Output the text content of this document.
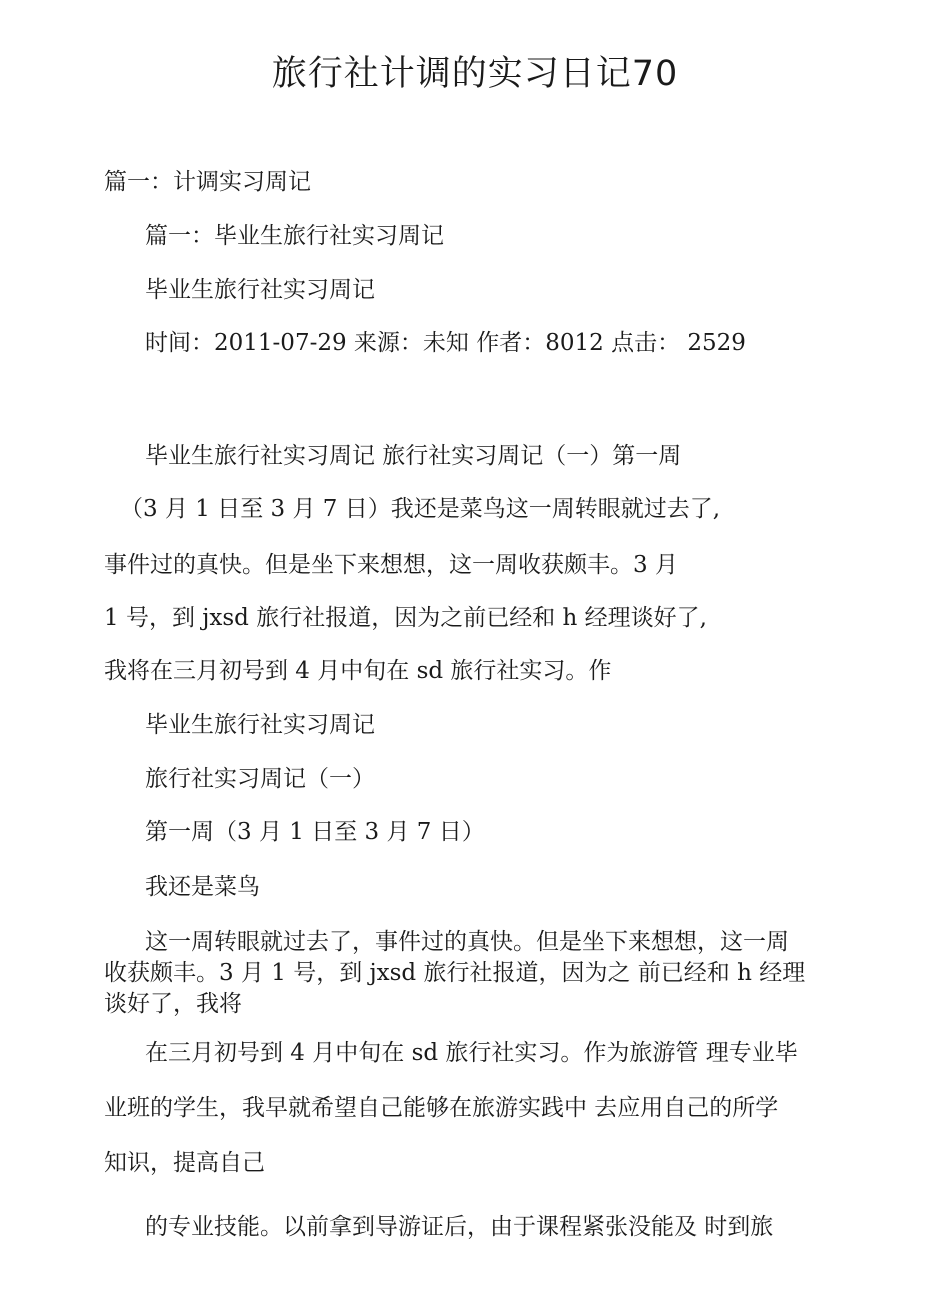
旅行社计调的实习日记70

篇一：计调实习周记

篇一：毕业生旅行社实习周记

毕业生旅行社实习周记

时间：2011-07-29 来源：未知 作者：8012 点击： 2529

毕业生旅行社实习周记 旅行社实习周记（一）第一周

（3 月 1 日至 3 月 7 日）我还是菜鸟这一周转眼就过去了,

事件过的真快。但是坐下来想想，这一周收获颇丰。3 月

1 号，到 jxsd 旅行社报道，因为之前已经和 h 经理谈好了,

我将在三月初号到 4 月中旬在 sd 旅行社实习。作

毕业生旅行社实习周记

旅行社实习周记（一）

第一周（3 月 1 日至 3 月 7 日）

我还是菜鸟

这一周转眼就过去了，事件过的真快。但是坐下来想想，这一周

收获颇丰。3 月 1 号，到 jxsd 旅行社报道，因为之 前已经和 h 经理

谈好了，我将

在三月初号到 4 月中旬在 sd 旅行社实习。作为旅游管 理专业毕

业班的学生，我早就希望自己能够在旅游实践中 去应用自己的所学

知识，提高自己

的专业技能。以前拿到导游证后，由于课程紧张没能及 时到旅
